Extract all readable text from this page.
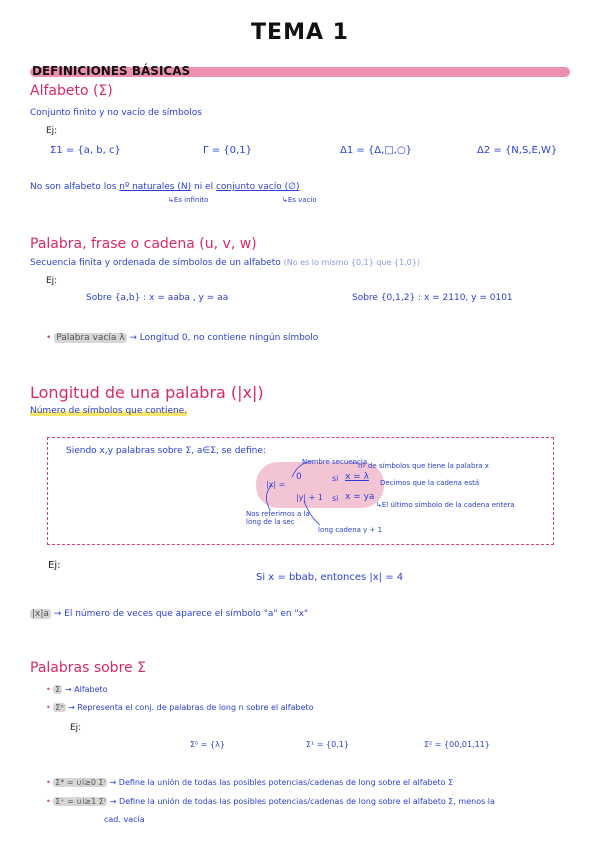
TEMA 1
DEFINICIONES BÁSICAS
Alfabeto (Σ)
Conjunto finito y no vacío de símbolos
Ej:
Σ1 = {a, b, c}	Γ = {0,1}	Δ1 = {Δ,□,○}	Δ2 = {N,S,E,W}
No son alfabeto los nº naturales (N) ni el conjunto vacío (∅)
↳Es infinito	↳Es vacío
Palabra, frase o cadena (u, v, w)
Secuencia finita y ordenada de símbolos de un alfabeto (No es lo mismo {0,1} que {1,0})
Ej:
Sobre {a,b} : x = aaba , y = aa	Sobre {0,1,2} : x = 2110, y = 0101
• Palabra vacía λ → Longitud 0, no contiene ningún símbolo
Longitud de una palabra (|x|)
Número de símbolos que contiene.
Siendo x,y palabras sobre Σ, a∈Σ, se define:
Nombre secuencia
nº de símbolos que tiene la palabra x
|x| =
0	si x = λ
Decimos que la cadena está
|y| + 1 si x = ya
↳El último símbolo de la cadena entera
Nos referimos a la long de la sec
long cadena y + 1
Ej:
Si x = bbab, entonces |x| = 4
|x|a → El número de veces que aparece el símbolo "a" en "x"
Palabras sobre Σ
• Σ → Alfabeto
• Σⁿ → Representa el conj. de palabras de long n sobre el alfabeto
Ej:
Σ⁰ = {λ}	Σ¹ = {0,1}	Σ² = {00,01,11}
• Σ* = ∪i≥0 Σⁱ → Define la unión de todas las posibles potencias/cadenas de long sobre el alfabeto Σ
• Σ⁺ = ∪i≥1 Σⁱ → Define la unión de todas las posibles potencias/cadenas de long sobre el alfabeto Σ, menos la
cad. vacía
